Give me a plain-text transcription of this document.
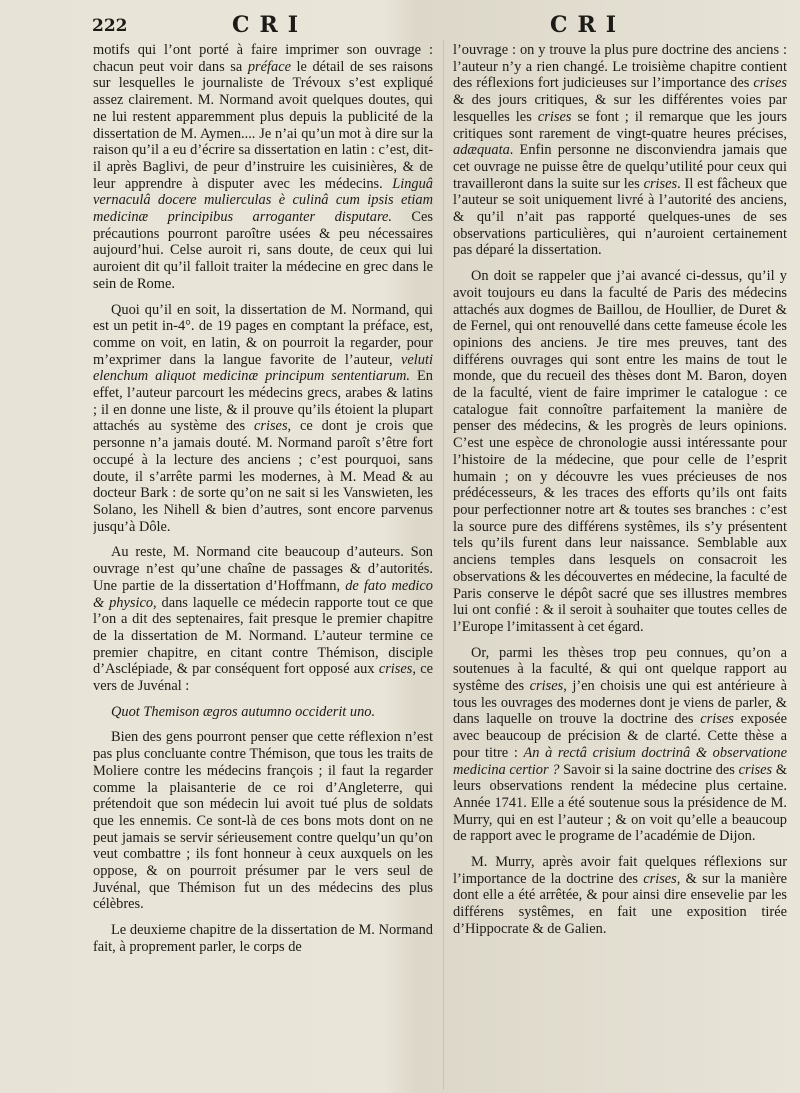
222	CRI	CRI

motifs qui l’ont porté à faire imprimer son ouvrage : chacun peut voir dans sa préface le détail de ses raisons sur lesquelles le journaliste de Trévoux s’est expliqué assez clairement. M. Normand avoit quelques doutes, qui ne lui restent apparemment plus depuis la publicité de la dissertation de M. Aymen.... Je n’ai qu’un mot à dire sur la raison qu’il a eu d’écrire sa dissertation en latin : c’est, dit-il après Baglivi, de peur d’instruire les cuisinières, & de leur apprendre à disputer avec les médecins. Linguâ vernaculâ docere mulierculas è culinâ cum ipsis etiam medicinæ principibus arroganter disputare. Ces précautions pourront paroître usées & peu nécessaires aujourd’hui. Celse auroit ri, sans doute, de ceux qui lui auroient dit qu’il falloit traiter la médecine en grec dans le sein de Rome.

Quoi qu’il en soit, la dissertation de M. Normand, qui est un petit in-4°. de 19 pages en comptant la préface, est, comme on voit, en latin, & on pourroit la regarder, pour m’exprimer dans la langue favorite de l’auteur, veluti elenchum aliquot medicinæ principum sententiarum. En effet, l’auteur parcourt les médecins grecs, arabes & latins ; il en donne une liste, & il prouve qu’ils étoient la plupart attachés au système des crises, ce dont je crois que personne n’a jamais douté. M. Normand paroît s’être fort occupé à la lecture des anciens ; c’est pourquoi, sans doute, il s’arrête parmi les modernes, à M. Mead & au docteur Bark : de sorte qu’on ne sait si les Vanswieten, les Solano, les Nihell & bien d’autres, sont encore parvenus jusqu’à Dôle.

Au reste, M. Normand cite beaucoup d’auteurs. Son ouvrage n’est qu’une chaîne de passages & d’autorités. Une partie de la dissertation d’Hoffmann, de fato medico & physico, dans laquelle ce médecin rapporte tout ce que l’on a dit des septenaires, fait presque le premier chapitre de la dissertation de M. Normand. L’auteur termine ce premier chapitre, en citant contre Thémison, disciple d’Asclépiade, & par conséquent fort opposé aux crises, ce vers de Juvénal :

Quot Themison ægros autumno occiderit uno.

Bien des gens pourront penser que cette réflexion n’est pas plus concluante contre Thémison, que tous les traits de Moliere contre les médecins françois ; il faut la regarder comme la plaisanterie de ce roi d’Angleterre, qui prétendoit que son médecin lui avoit tué plus de soldats que les ennemis. Ce sont-là de ces bons mots dont on ne peut jamais se servir sérieusement contre quelqu’un qu’on veut combattre ; ils font honneur à ceux auxquels on les oppose, & on pourroit présumer par le vers seul de Juvénal, que Thémison fut un des médecins des plus célèbres.

Le deuxieme chapitre de la dissertation de M. Normand fait, à proprement parler, le corps de

l’ouvrage : on y trouve la plus pure doctrine des anciens : l’auteur n’y a rien changé. Le troisième chapitre contient des réflexions fort judicieuses sur l’importance des crises & des jours critiques, & sur les différentes voies par lesquelles les crises se font ; il remarque que les jours critiques sont rarement de vingt-quatre heures précises, adæquata. Enfin personne ne disconviendra jamais que cet ouvrage ne puisse être de quelqu’utilité pour ceux qui travailleront dans la suite sur les crises. Il est fâcheux que l’auteur se soit uniquement livré à l’autorité des anciens, & qu’il n’ait pas rapporté quelques-unes de ses observations particulières, qui n’auroient certainement pas déparé la dissertation.

On doit se rappeler que j’ai avancé ci-dessus, qu’il y avoit toujours eu dans la faculté de Paris des médecins attachés aux dogmes de Baillou, de Houllier, de Duret & de Fernel, qui ont renouvellé dans cette fameuse école les opinions des anciens. Je tire mes preuves, tant des différens ouvrages qui sont entre les mains de tout le monde, que du recueil des thèses dont M. Baron, doyen de la faculté, vient de faire imprimer le catalogue : ce catalogue fait connoître parfaitement la manière de penser des médecins, & les progrès de leurs opinions. C’est une espèce de chronologie aussi intéressante pour l’histoire de la médecine, que pour celle de l’esprit humain ; on y découvre les vues précieuses de nos prédécesseurs, & les traces des efforts qu’ils ont faits pour perfectionner notre art & toutes ses branches : c’est la source pure des différens systêmes, ils s’y présentent tels qu’ils furent dans leur naissance. Semblable aux anciens temples dans lesquels on consacroit les observations & les découvertes en médecine, la faculté de Paris conserve le dépôt sacré que ses illustres membres lui ont confié : & il seroit à souhaiter que toutes celles de l’Europe l’imitassent à cet égard.

Or, parmi les thèses trop peu connues, qu’on a soutenues à la faculté, & qui ont quelque rapport au systême des crises, j’en choisis une qui est antérieure à tous les ouvrages des modernes dont je viens de parler, & dans laquelle on trouve la doctrine des crises exposée avec beaucoup de précision & de clarté. Cette thèse a pour titre : An à rectâ crisium doctrinâ & observatione medicina certior ? Savoir si la saine doctrine des crises & leurs observations rendent la médecine plus certaine. Année 1741. Elle a été soutenue sous la présidence de M. Murry, qui en est l’auteur ; & on voit qu’elle a beaucoup de rapport avec le programe de l’académie de Dijon.

M. Murry, après avoir fait quelques réflexions sur l’importance de la doctrine des crises, & sur la manière dont elle a été arrêtée, & pour ainsi dire ensevelie par les différens systêmes, en fait une exposition tirée d’Hippocrate & de Galien.
